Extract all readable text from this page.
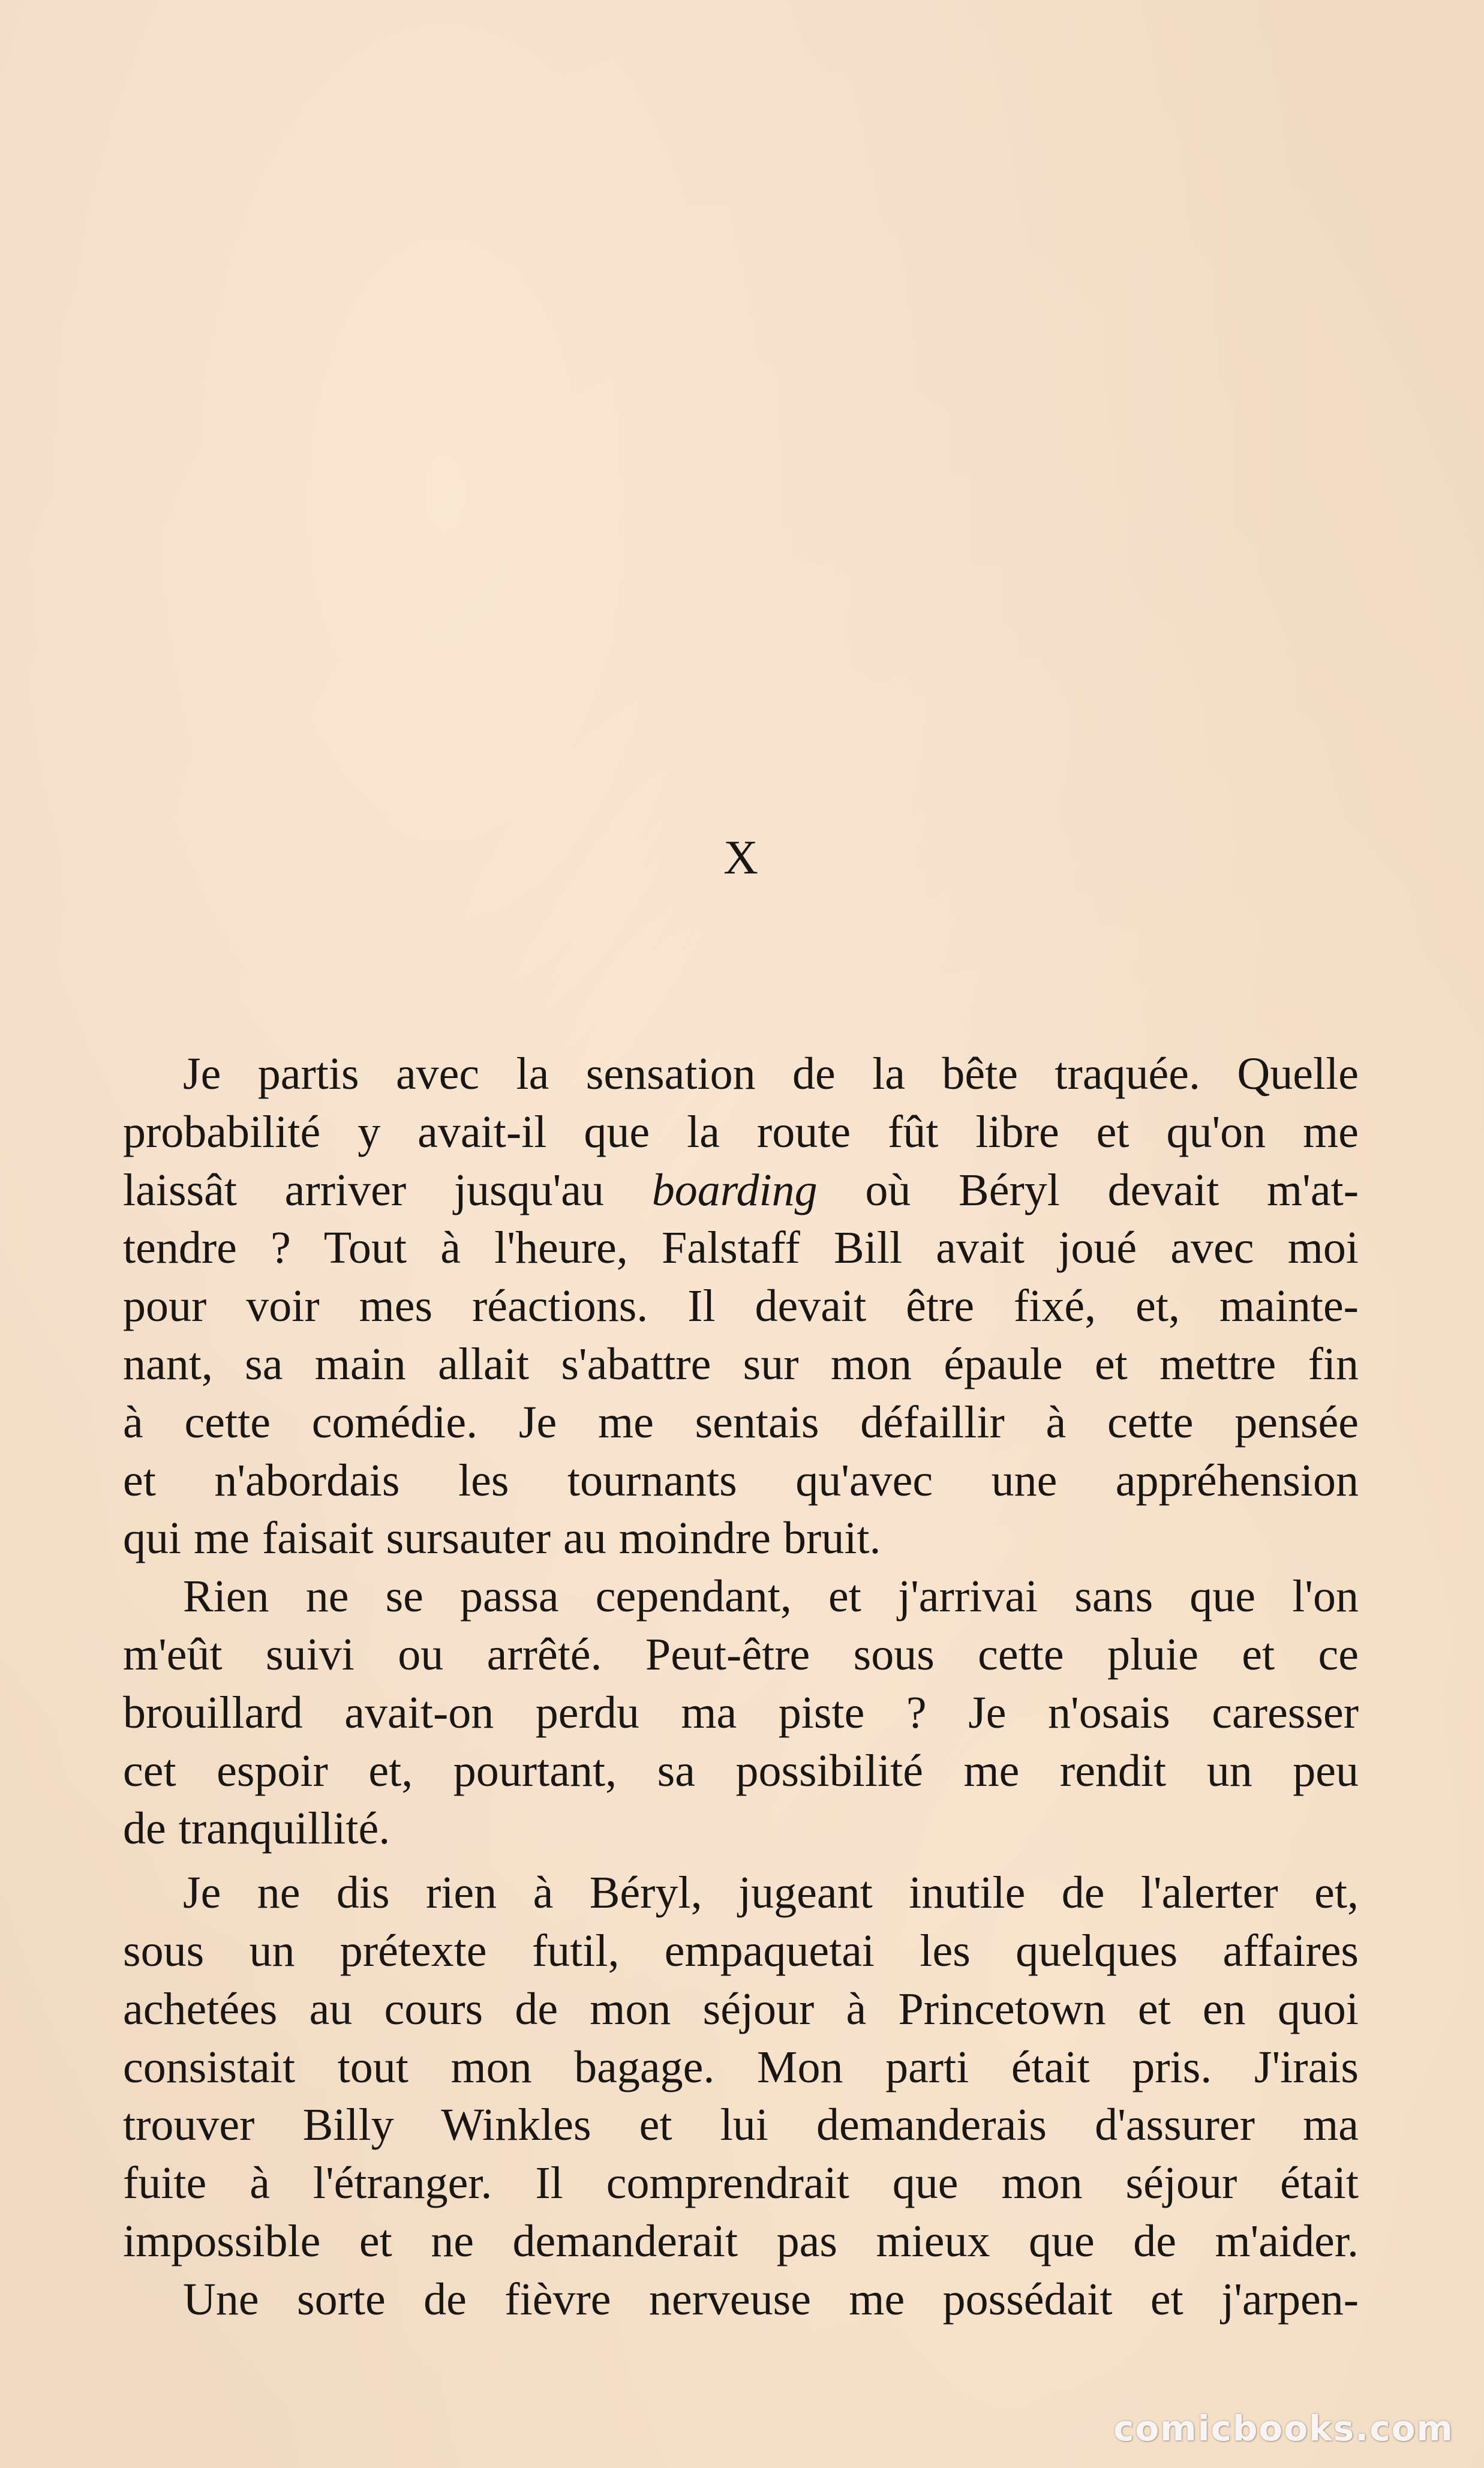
X
Je partis avec la sensation de la bête traquée. Quelle
probabilité y avait-il que la route fût libre et qu'on me
laissât arriver jusqu'au boarding où Béryl devait m'at-
tendre ? Tout à l'heure, Falstaff Bill avait joué avec moi
pour voir mes réactions. Il devait être fixé, et, mainte-
nant, sa main allait s'abattre sur mon épaule et mettre fin
à cette comédie. Je me sentais défaillir à cette pensée
et n'abordais les tournants qu'avec une appréhension
qui me faisait sursauter au moindre bruit.
Rien ne se passa cependant, et j'arrivai sans que l'on
m'eût suivi ou arrêté. Peut-être sous cette pluie et ce
brouillard avait-on perdu ma piste ? Je n'osais caresser
cet espoir et, pourtant, sa possibilité me rendit un peu
de tranquillité.
Je ne dis rien à Béryl, jugeant inutile de l'alerter et,
sous un prétexte futil, empaquetai les quelques affaires
achetées au cours de mon séjour à Princetown et en quoi
consistait tout mon bagage. Mon parti était pris. J'irais
trouver Billy Winkles et lui demanderais d'assurer ma
fuite à l'étranger. Il comprendrait que mon séjour était
impossible et ne demanderait pas mieux que de m'aider.
Une sorte de fièvre nerveuse me possédait et j'arpen-
comicbooks.com
